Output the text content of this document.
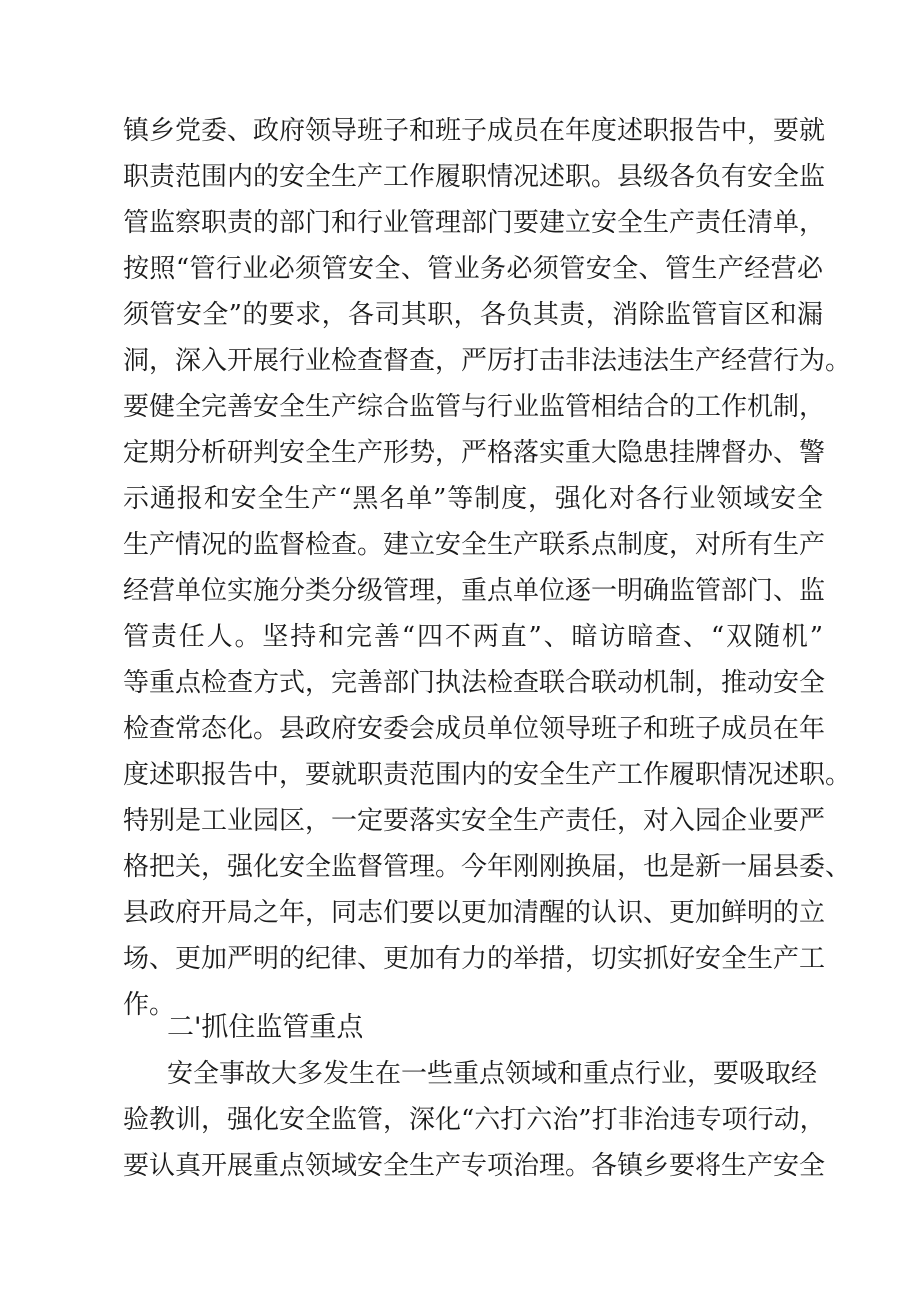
镇乡党委、政府领导班子和班子成员在年度述职报告中，要就
职责范围内的安全生产工作履职情况述职。县级各负有安全监
管监察职责的部门和行业管理部门要建立安全生产责任清单，
按照“管行业必须管安全、管业务必须管安全、管生产经营必
须管安全”的要求，各司其职，各负其责，消除监管盲区和漏
洞，深入开展行业检查督查，严厉打击非法违法生产经营行为。
要健全完善安全生产综合监管与行业监管相结合的工作机制，
定期分析研判安全生产形势，严格落实重大隐患挂牌督办、警
示通报和安全生产“黑名单”等制度，强化对各行业领域安全
生产情况的监督检查。建立安全生产联系点制度，对所有生产
经营单位实施分类分级管理，重点单位逐一明确监管部门、监
管责任人。坚持和完善“四不两直”、暗访暗查、“双随机”
等重点检查方式，完善部门执法检查联合联动机制，推动安全
检查常态化。县政府安委会成员单位领导班子和班子成员在年
度述职报告中，要就职责范围内的安全生产工作履职情况述职。
特别是工业园区，一定要落实安全生产责任，对入园企业要严
格把关，强化安全监督管理。今年刚刚换届，也是新一届县委、
县政府开局之年，同志们要以更加清醒的认识、更加鲜明的立
场、更加严明的纪律、更加有力的举措，切实抓好安全生产工
作。
二'抓住监管重点
安全事故大多发生在一些重点领域和重点行业，要吸取经
验教训，强化安全监管，深化“六打六治”打非治违专项行动，
要认真开展重点领域安全生产专项治理。各镇乡要将生产安全
